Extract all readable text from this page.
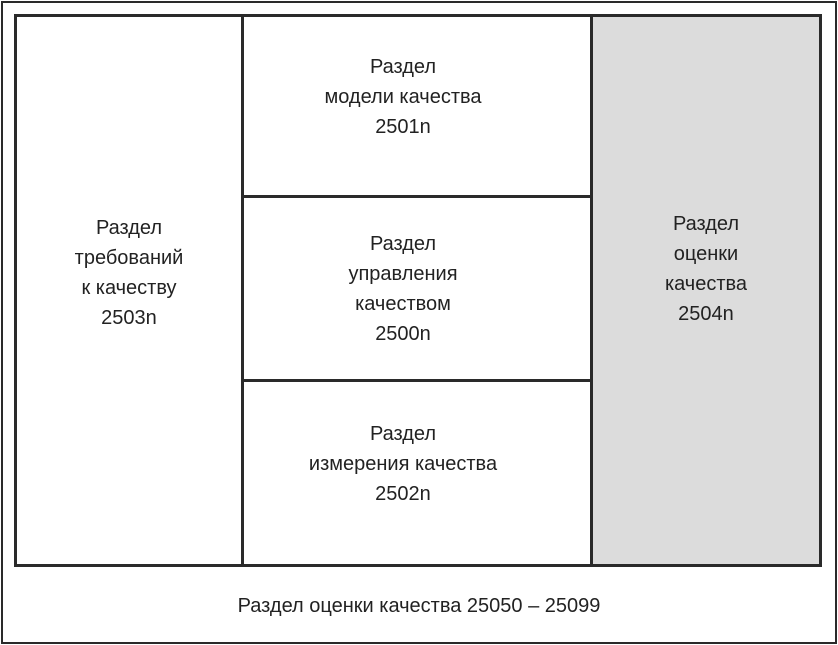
Раздел
требований
к качеству
2503n
Раздел
модели качества
2501n
Раздел
управления
качеством
2500n
Раздел
измерения качества
2502n
Раздел
оценки
качества
2504n
Раздел оценки качества 25050 – 25099
